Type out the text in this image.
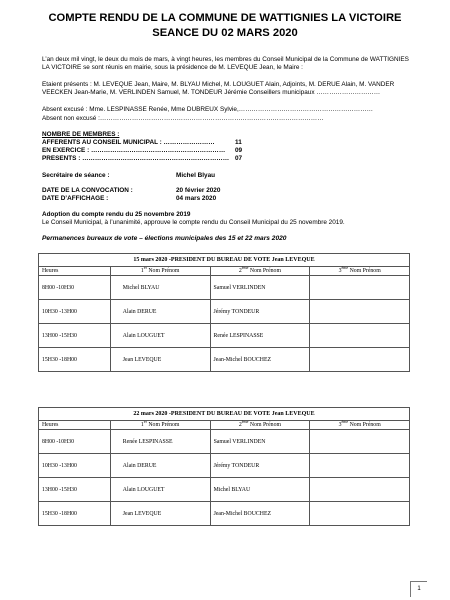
COMPTE RENDU DE LA COMMUNE DE WATTIGNIES LA VICTOIRE
SEANCE DU 02 MARS 2020
L’an deux mil vingt, le deux du mois de mars, à vingt heures, les membres du Conseil Municipal de la Commune de WATTIGNIES LA VICTOIRE se sont réunis en mairie, sous la présidence de M. LEVEQUE Jean, le Maire :
Etaient présents : M. LEVEQUE Jean, Maire, M. BLYAU Michel, M. LOUGUET Alain, Adjoints, M. DERUE Alain, M. VANDER VEECKEN Jean-Marie, M. VERLINDEN Samuel, M. TONDEUR Jérémie Conseillers municipaux …………………………
Absent excusé : Mme. LESPINASSE Renée, Mme DUBREUX Sylvie,………………………………………………………
Absent non excusé :……………………………………………………………………………………………
NOMBRE DE MEMBRES :
AFFERENTS AU CONSEIL MUNICIPAL : ……………………	11
EN EXERCICE : ………………………………………………………	09
PRESENTS : …………………………………………………………… 07
Secrétaire de séance :	Michel Blyau
DATE DE LA CONVOCATION :	20 février 2020
DATE D’AFFICHAGE :	04 mars 2020
Adoption du compte rendu du 25 novembre 2019
Le Conseil Municipal, à l’unanimité, approuve le compte rendu du Conseil Municipal du 25 novembre 2019.
Permanences bureaux de vote – élections municipales des 15 et 22 mars 2020
15 mars 2020 -PRESIDENT DU BUREAU DE VOTE Jean LEVEQUE			
Heures	1er Nom Prénom	2ème Nom Prénom	3ème Nom Prénom
8H00 -10H30	Michel BLYAU	Samuel VERLINDEN	
10H30 -13H00	Alain DERUE	Jérémy TONDEUR	
13H00 -15H30	Alain LOUGUET	Renée LESPINASSE	
15H30 -18H00	Jean LEVEQUE	Jean-Michel BOUCHEZ	
22 mars 2020 -PRESIDENT DU BUREAU DE VOTE Jean LEVEQUE			
Heures	1er Nom Prénom	2ème Nom Prénom	3ème Nom Prénom
8H00 -10H30	Renée LESPINASSE	Samuel VERLINDEN	
10H30 -13H00	Alain DERUE	Jérémy TONDEUR	
13H00 -15H30	Alain LOUGUET	Michel BLYAU	
15H30 -18H00	Jean LEVEQUE	Jean-Michel BOUCHEZ	
1
